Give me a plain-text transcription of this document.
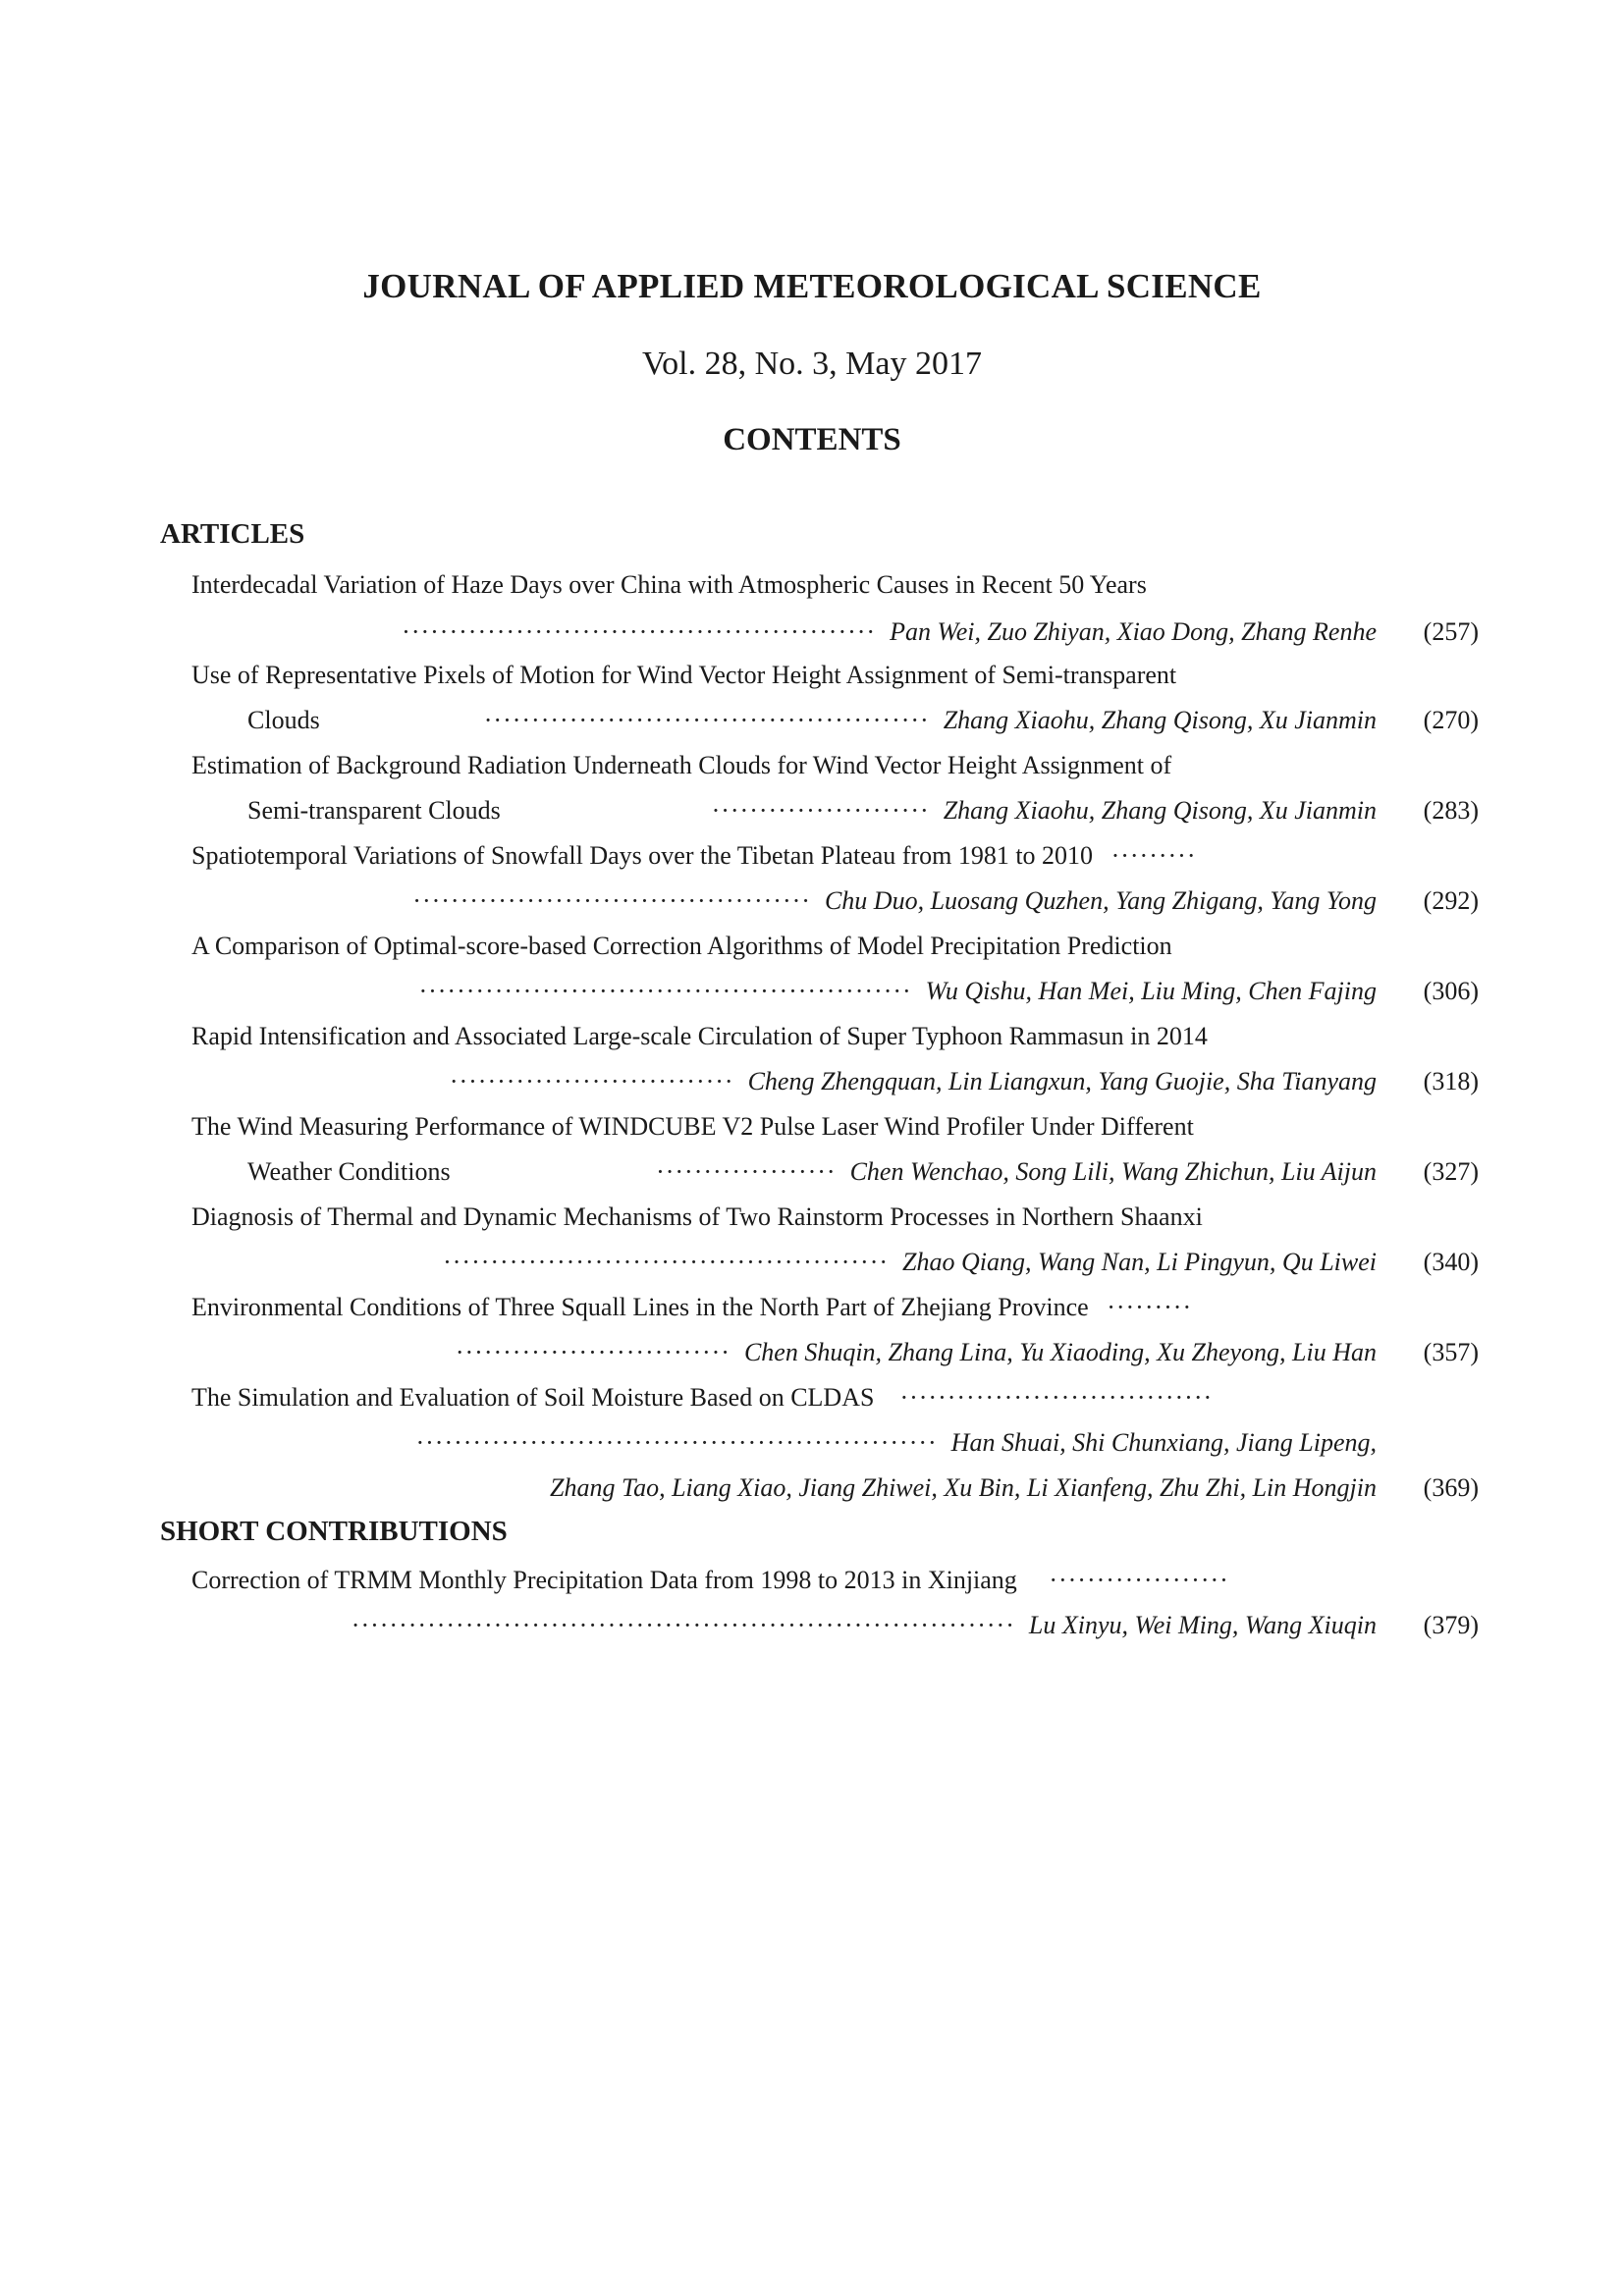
JOURNAL OF APPLIED METEOROLOGICAL SCIENCE
Vol. 28, No. 3, May 2017
CONTENTS
ARTICLES
Interdecadal Variation of Haze Days over China with Atmospheric Causes in Recent 50 Years
·················································· Pan Wei, Zuo Zhiyan, Xiao Dong, Zhang Renhe	(257)
Use of Representative Pixels of Motion for Wind Vector Height Assignment of Semi-transparent
Clouds	··············································· Zhang Xiaohu, Zhang Qisong, Xu Jianmin	(270)
Estimation of Background Radiation Underneath Clouds for Wind Vector Height Assignment of
Semi-transparent Clouds	······················· Zhang Xiaohu, Zhang Qisong, Xu Jianmin	(283)
Spatiotemporal Variations of Snowfall Days over the Tibetan Plateau from 1981 to 2010 ·········
·········································· Chu Duo, Luosang Quzhen, Yang Zhigang, Yang Yong	(292)
A Comparison of Optimal-score-based Correction Algorithms of Model Precipitation Prediction
···················································· Wu Qishu, Han Mei, Liu Ming, Chen Fajing	(306)
Rapid Intensification and Associated Large-scale Circulation of Super Typhoon Rammasun in 2014
······························ Cheng Zhengquan, Lin Liangxun, Yang Guojie, Sha Tianyang	(318)
The Wind Measuring Performance of WINDCUBE V2 Pulse Laser Wind Profiler Under Different
Weather Conditions	··················· Chen Wenchao, Song Lili, Wang Zhichun, Liu Aijun	(327)
Diagnosis of Thermal and Dynamic Mechanisms of Two Rainstorm Processes in Northern Shaanxi
··············································· Zhao Qiang, Wang Nan, Li Pingyun, Qu Liwei	(340)
Environmental Conditions of Three Squall Lines in the North Part of Zhejiang Province ·········
····························· Chen Shuqin, Zhang Lina, Yu Xiaoding, Xu Zheyong, Liu Han	(357)
The Simulation and Evaluation of Soil Moisture Based on CLDAS ·································
······················································· Han Shuai, Shi Chunxiang, Jiang Lipeng,
Zhang Tao, Liang Xiao, Jiang Zhiwei, Xu Bin, Li Xianfeng, Zhu Zhi, Lin Hongjin	(369)
SHORT CONTRIBUTIONS
Correction of TRMM Monthly Precipitation Data from 1998 to 2013 in Xinjiang ···················
······································································ Lu Xinyu, Wei Ming, Wang Xiuqin	(379)
